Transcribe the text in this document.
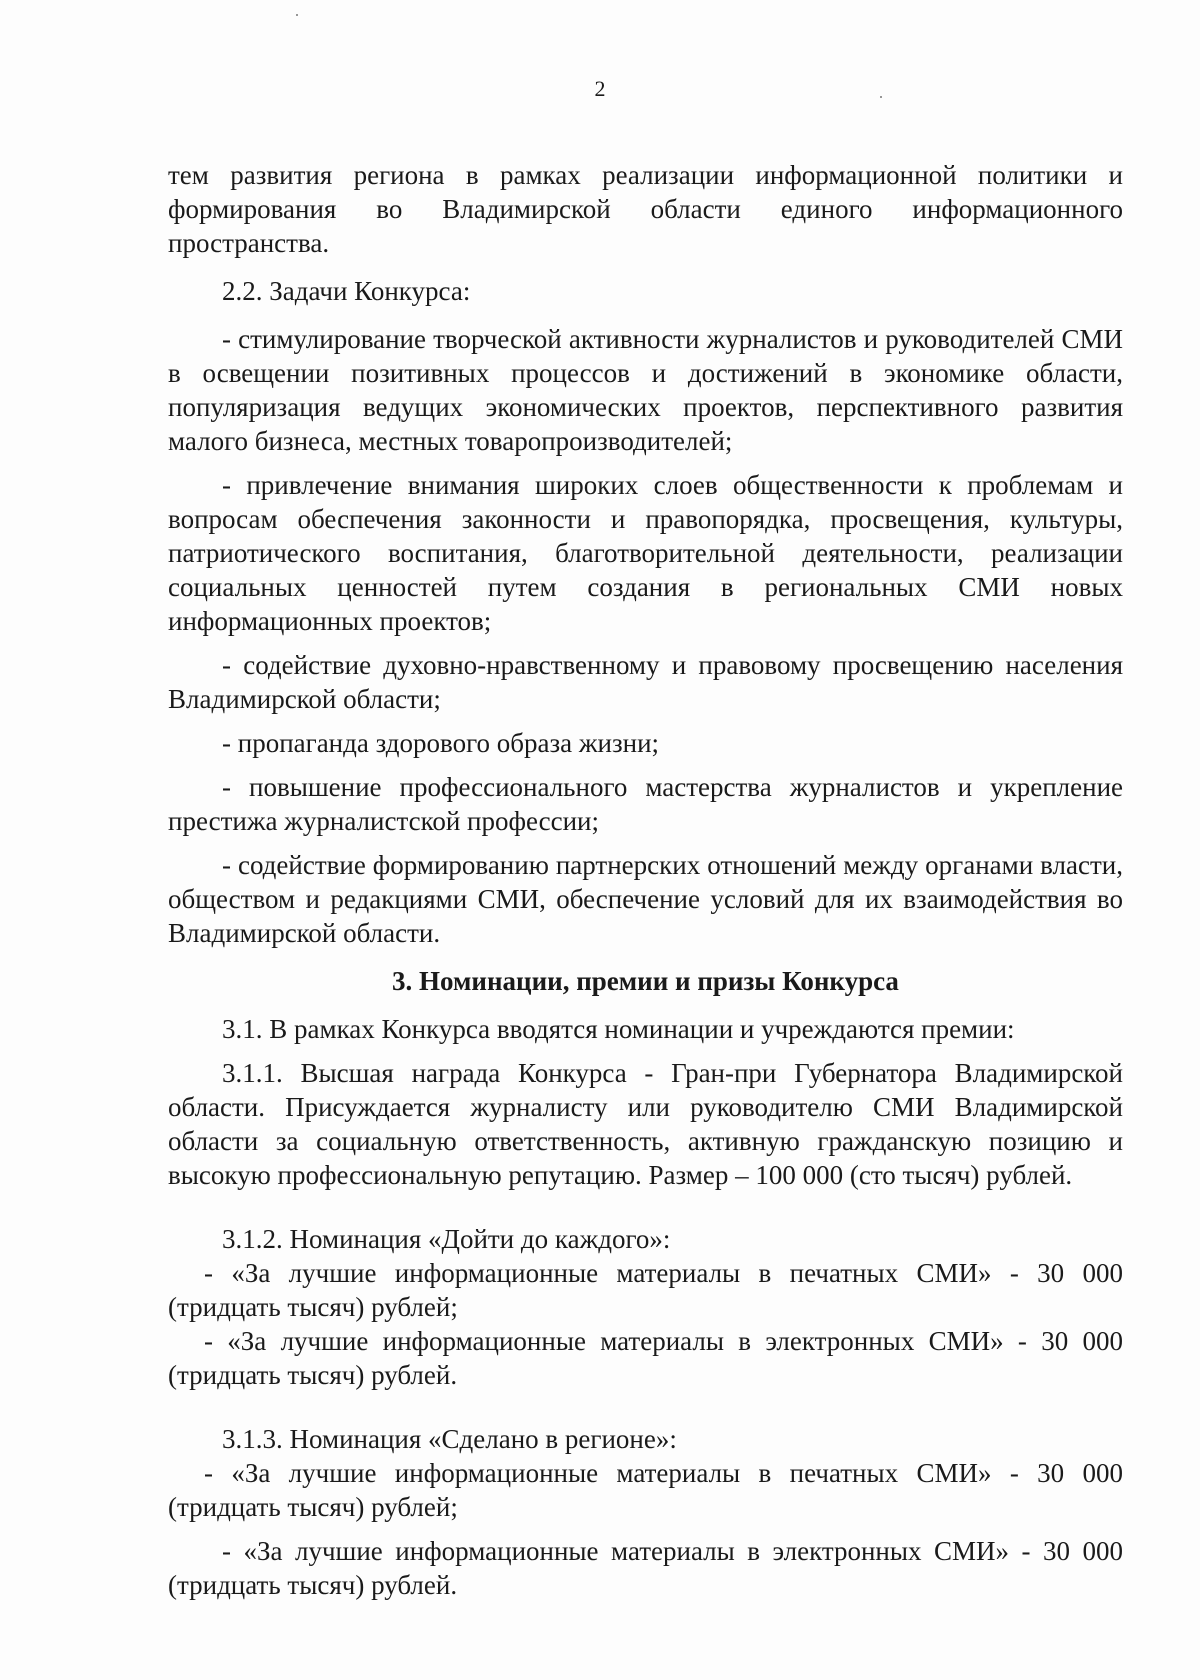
2

тем развития региона в рамках реализации информационной политики и формирования во Владимирской области единого информационного пространства.

2.2. Задачи Конкурса:

- стимулирование творческой активности журналистов и руководителей СМИ в освещении позитивных процессов и достижений в экономике области, популяризация ведущих экономических проектов, перспективного развития малого бизнеса, местных товаропроизводителей;

- привлечение внимания широких слоев общественности к проблемам и вопросам обеспечения законности и правопорядка, просвещения, культуры, патриотического воспитания, благотворительной деятельности, реализации социальных ценностей путем создания в региональных СМИ новых информационных проектов;

- содействие духовно-нравственному и правовому просвещению населения Владимирской области;

- пропаганда здорового образа жизни;

- повышение профессионального мастерства журналистов и укрепление престижа журналистской профессии;

- содействие формированию партнерских отношений между органами власти, обществом и редакциями СМИ, обеспечение условий для их взаимодействия во Владимирской области.

3. Номинации, премии и призы Конкурса

3.1. В рамках Конкурса вводятся номинации и учреждаются премии:

3.1.1. Высшая награда Конкурса - Гран-при Губернатора Владимирской области. Присуждается журналисту или руководителю СМИ Владимирской области за социальную ответственность, активную гражданскую позицию и высокую профессиональную репутацию. Размер – 100 000 (сто тысяч) рублей.

3.1.2. Номинация «Дойти до каждого»:

- «За лучшие информационные материалы в печатных СМИ» - 30 000 (тридцать тысяч) рублей;

- «За лучшие информационные материалы в электронных СМИ» - 30 000 (тридцать тысяч) рублей.

3.1.3. Номинация «Сделано в регионе»:

- «За лучшие информационные материалы в печатных СМИ» - 30 000 (тридцать тысяч) рублей;

- «За лучшие информационные материалы в электронных СМИ» - 30 000 (тридцать тысяч) рублей.
